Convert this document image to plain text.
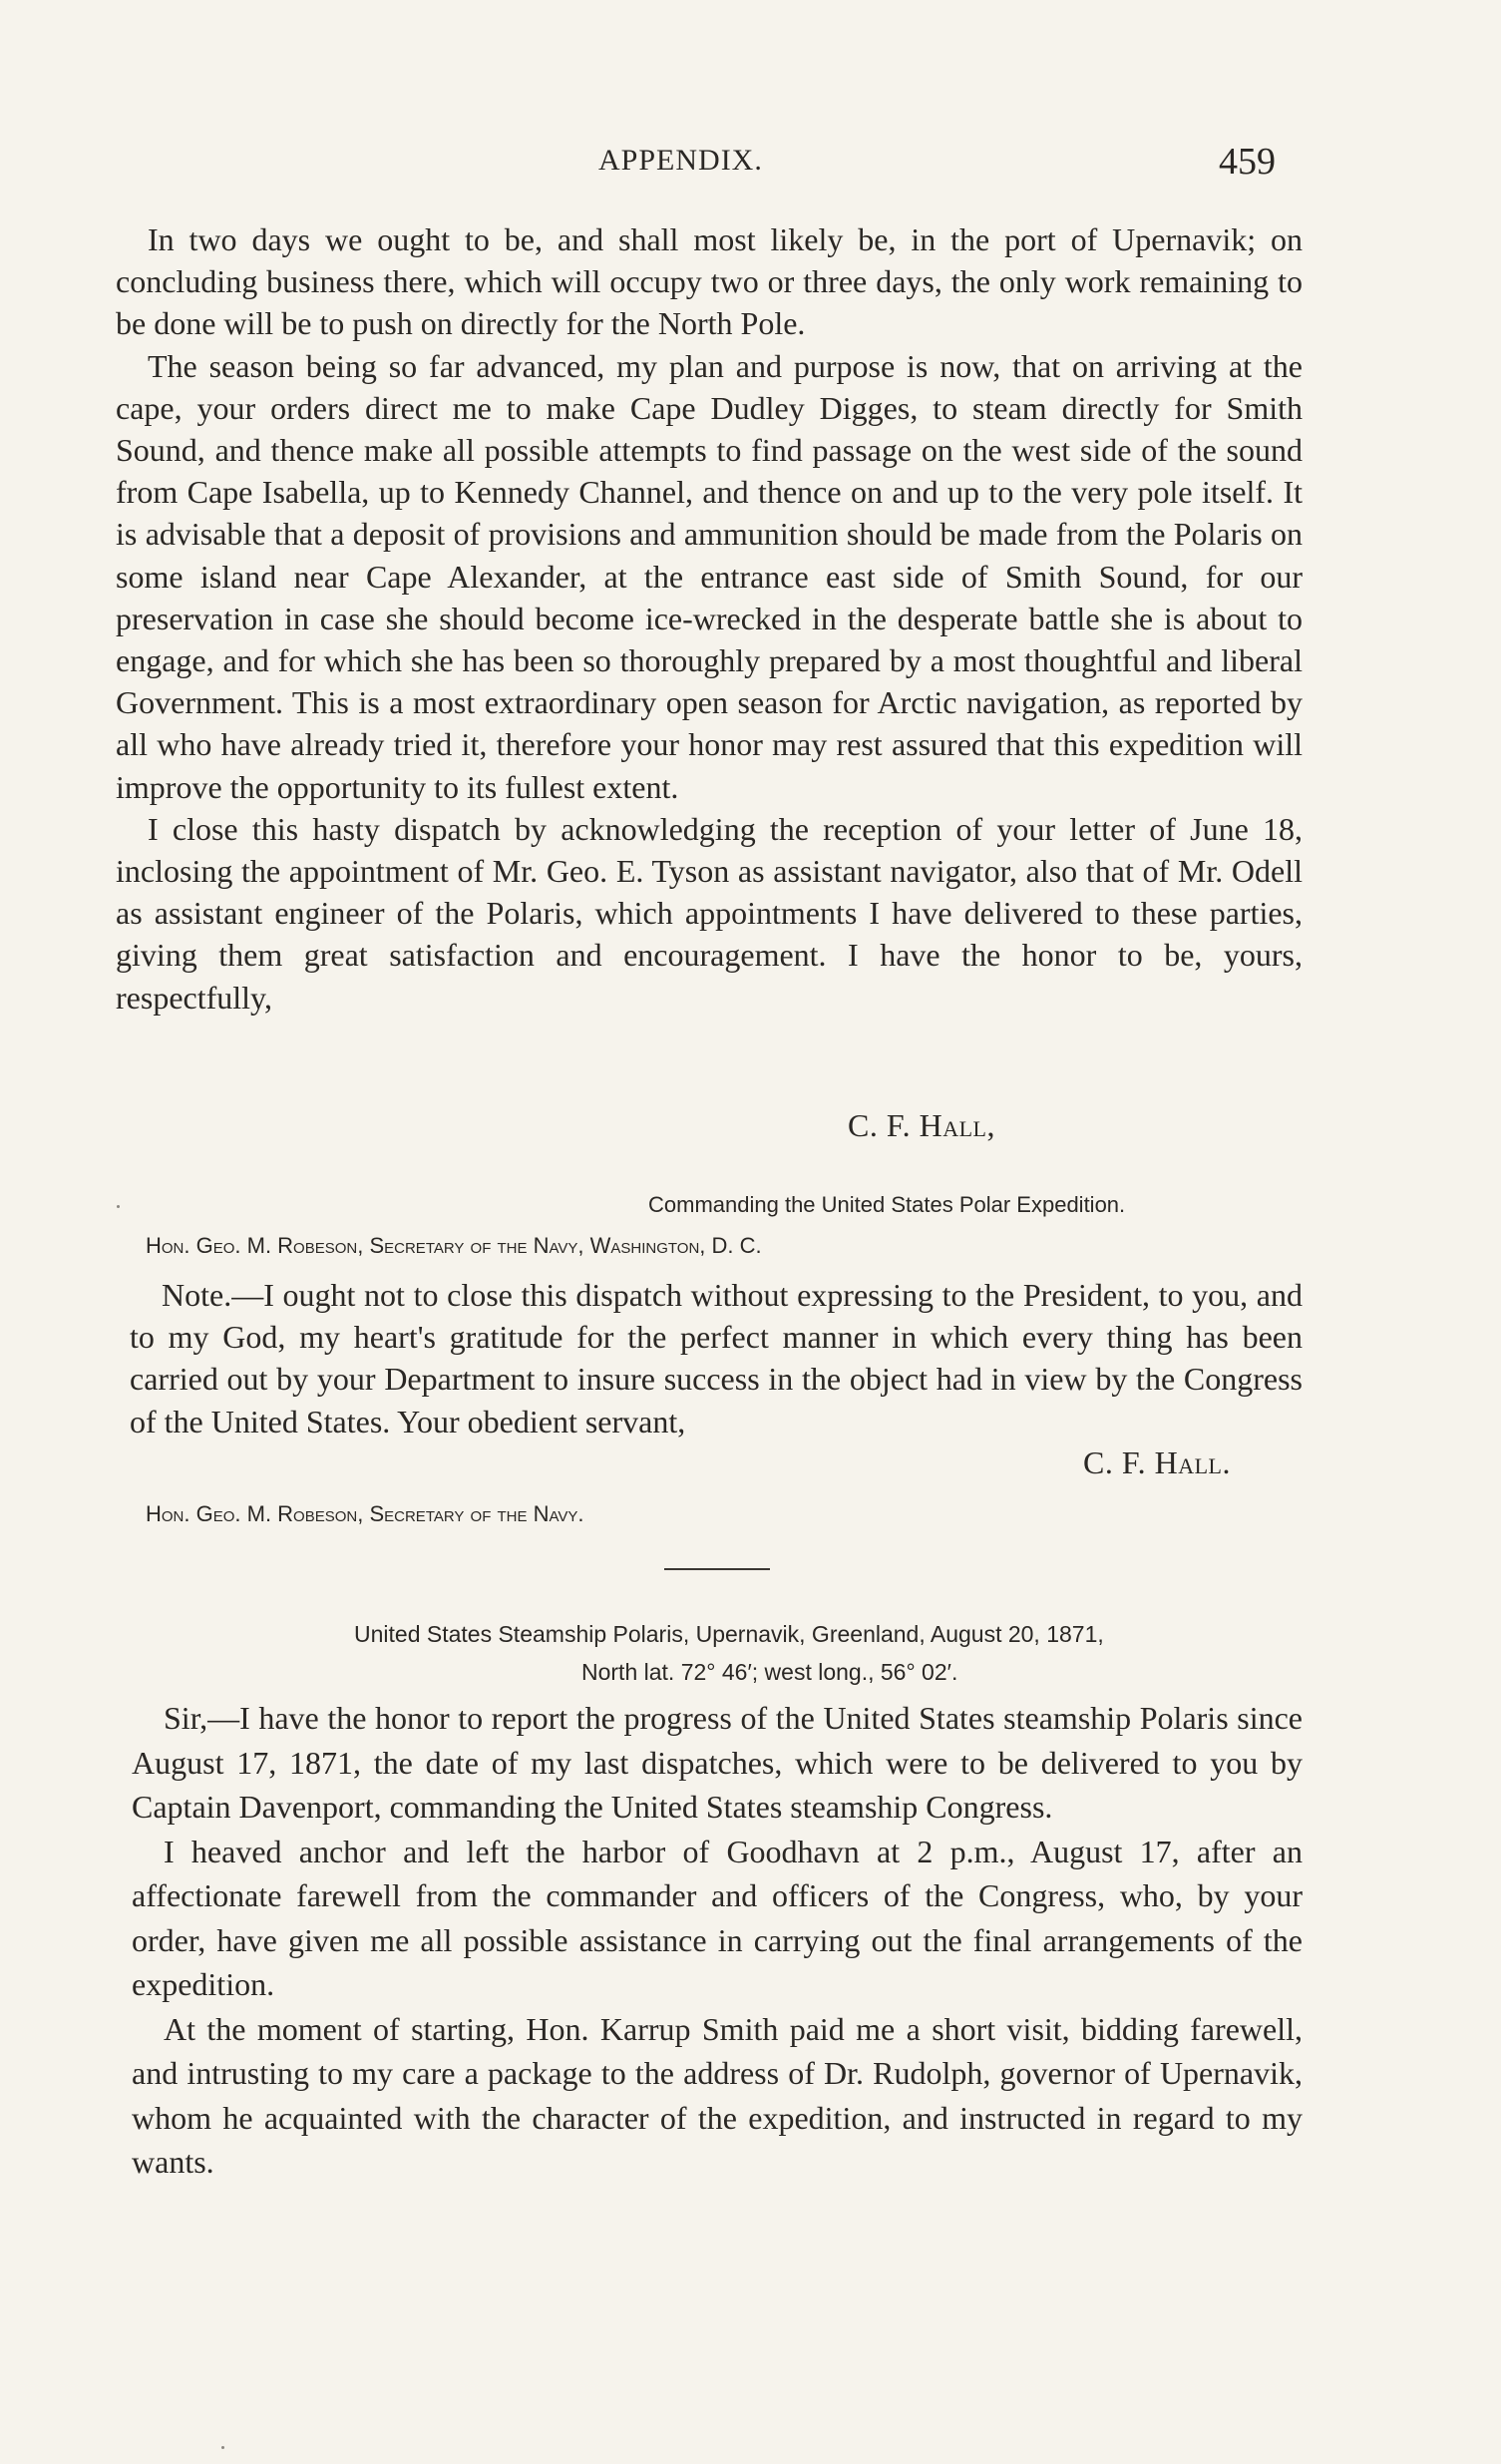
APPENDIX.	459

In two days we ought to be, and shall most likely be, in the port of Upernavik; on concluding business there, which will occupy two or three days, the only work remaining to be done will be to push on directly for the North Pole.

The season being so far advanced, my plan and purpose is now, that on arriving at the cape, your orders direct me to make Cape Dudley Digges, to steam directly for Smith Sound, and thence make all possible attempts to find passage on the west side of the sound from Cape Isabella, up to Kennedy Channel, and thence on and up to the very pole itself. It is advisable that a deposit of provisions and ammunition should be made from the Polaris on some island near Cape Alexander, at the entrance east side of Smith Sound, for our preservation in case she should become ice-wrecked in the desperate battle she is about to engage, and for which she has been so thoroughly prepared by a most thoughtful and liberal Government. This is a most extraordinary open season for Arctic navigation, as reported by all who have already tried it, therefore your honor may rest assured that this expedition will improve the opportunity to its fullest extent.

I close this hasty dispatch by acknowledging the reception of your letter of June 18, inclosing the appointment of Mr. Geo. E. Tyson as assistant navigator, also that of Mr. Odell as assistant engineer of the Polaris, which appointments I have delivered to these parties, giving them great satisfaction and encouragement. I have the honor to be, yours, respectfully,

C. F. Hall,
Commanding the United States Polar Expedition.
Hon. Geo. M. Robeson, Secretary of the Navy, Washington, D. C.

Note.—I ought not to close this dispatch without expressing to the President, to you, and to my God, my heart's gratitude for the perfect manner in which every thing has been carried out by your Department to insure success in the object had in view by the Congress of the United States. Your obedient servant,

C. F. Hall.
Hon. Geo. M. Robeson, Secretary of the Navy.
United States Steamship Polaris, Upernavik, Greenland, August 20, 1871,
North lat. 72° 46′; west long., 56° 02′.

Sir,—I have the honor to report the progress of the United States steamship Polaris since August 17, 1871, the date of my last dispatches, which were to be delivered to you by Captain Davenport, commanding the United States steamship Congress.

I heaved anchor and left the harbor of Goodhavn at 2 p.m., August 17, after an affectionate farewell from the commander and officers of the Congress, who, by your order, have given me all possible assistance in carrying out the final arrangements of the expedition.

At the moment of starting, Hon. Karrup Smith paid me a short visit, bidding farewell, and intrusting to my care a package to the address of Dr. Rudolph, governor of Upernavik, whom he acquainted with the character of the expedition, and instructed in regard to my wants.
